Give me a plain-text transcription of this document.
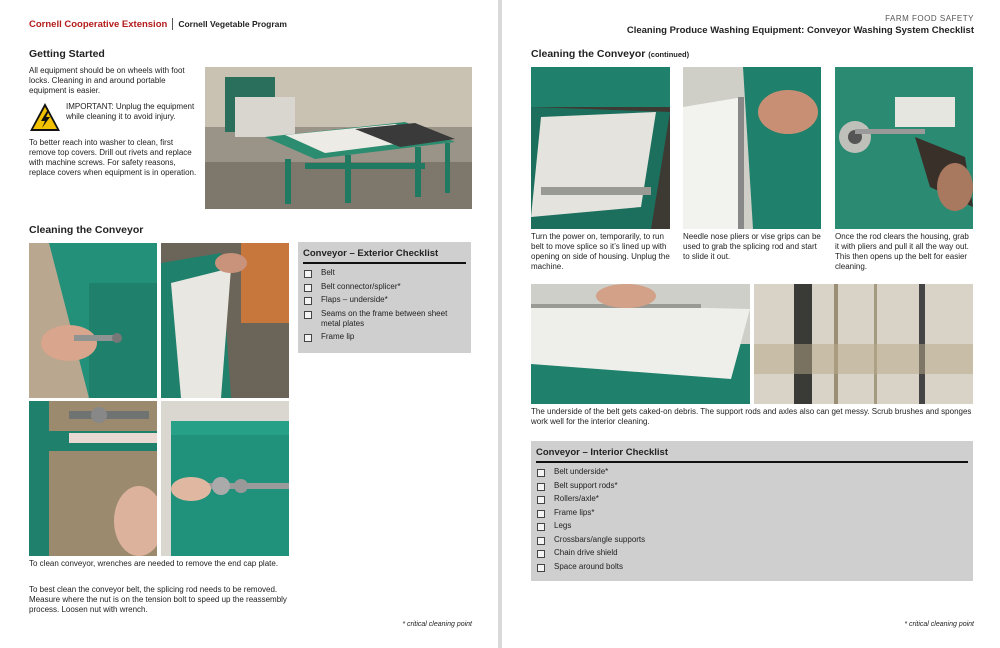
Cornell Cooperative Extension Cornell Vegetable Program
Getting Started

All equipment should be on wheels with foot locks. Cleaning in and around portable equipment is easier.

IMPORTANT: Unplug the equipment while cleaning it to avoid injury.

To better reach into washer to clean, first remove top covers. Drill out rivets and replace with machine screws. For safety reasons, replace covers when equipment is in operation.

Cleaning the Conveyor
Conveyor – Exterior Checklist
Belt
Belt connector/splicer*
Flaps – underside*
Seams on the frame between sheet metal plates
Frame lip

To clean conveyor, wrenches are needed to remove the end cap plate.

To best clean the conveyor belt, the splicing rod needs to be removed. Measure where the nut is on the tension bolt to speed up the reassembly process. Loosen nut with wrench.

* critical cleaning point
FARM FOOD SAFETY
Cleaning Produce Washing Equipment: Conveyor Washing System Checklist
Cleaning the Conveyor (continued)

Turn the power on, temporarily, to run belt to move splice so it’s lined up with opening on side of housing. Unplug the machine.

Needle nose pliers or vise grips can be used to grab the splicing rod and start to slide it out.

Once the rod clears the housing, grab it with pliers and pull it all the way out. This then opens up the belt for easier cleaning.

The underside of the belt gets caked-on debris. The support rods and axles also can get messy. Scrub brushes and sponges work well for the interior cleaning.

Conveyor – Interior Checklist
Belt underside*
Belt support rods*
Rollers/axle*
Frame lips*
Legs
Crossbars/angle supports
Chain drive shield
Space around bolts
* critical cleaning point
